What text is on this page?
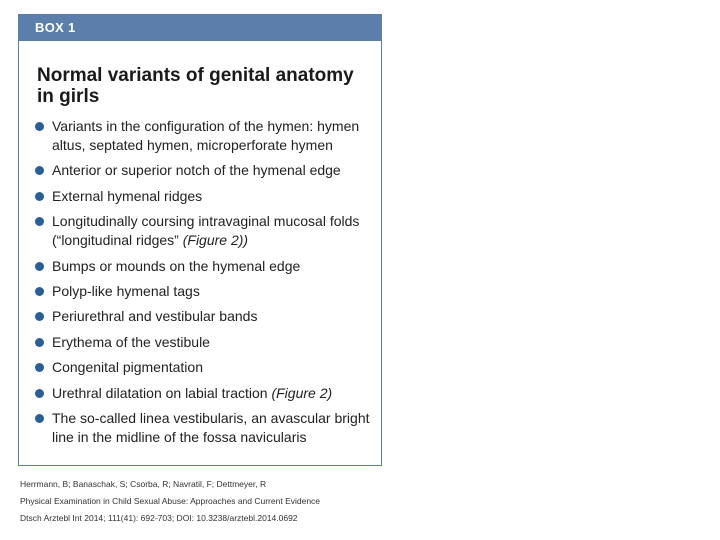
BOX 1
Normal variants of genital anatomy
in girls
Variants in the configuration of the hymen: hymen altus, septated hymen, microperforate hymen
Anterior or superior notch of the hymenal edge
External hymenal ridges
Longitudinally coursing intravaginal mucosal folds (“longitudinal ridges” (Figure 2))
Bumps or mounds on the hymenal edge
Polyp-like hymenal tags
Periurethral and vestibular bands
Erythema of the vestibule
Congenital pigmentation
Urethral dilatation on labial traction (Figure 2)
The so-called linea vestibularis, an avascular bright line in the midline of the fossa navicularis
Herrmann, B; Banaschak, S; Csorba, R; Navratil, F; Dettmeyer, R
Physical Examination in Child Sexual Abuse: Approaches and Current Evidence
Dtsch Arztebl Int 2014; 111(41): 692-703; DOI: 10.3238/arztebl.2014.0692
